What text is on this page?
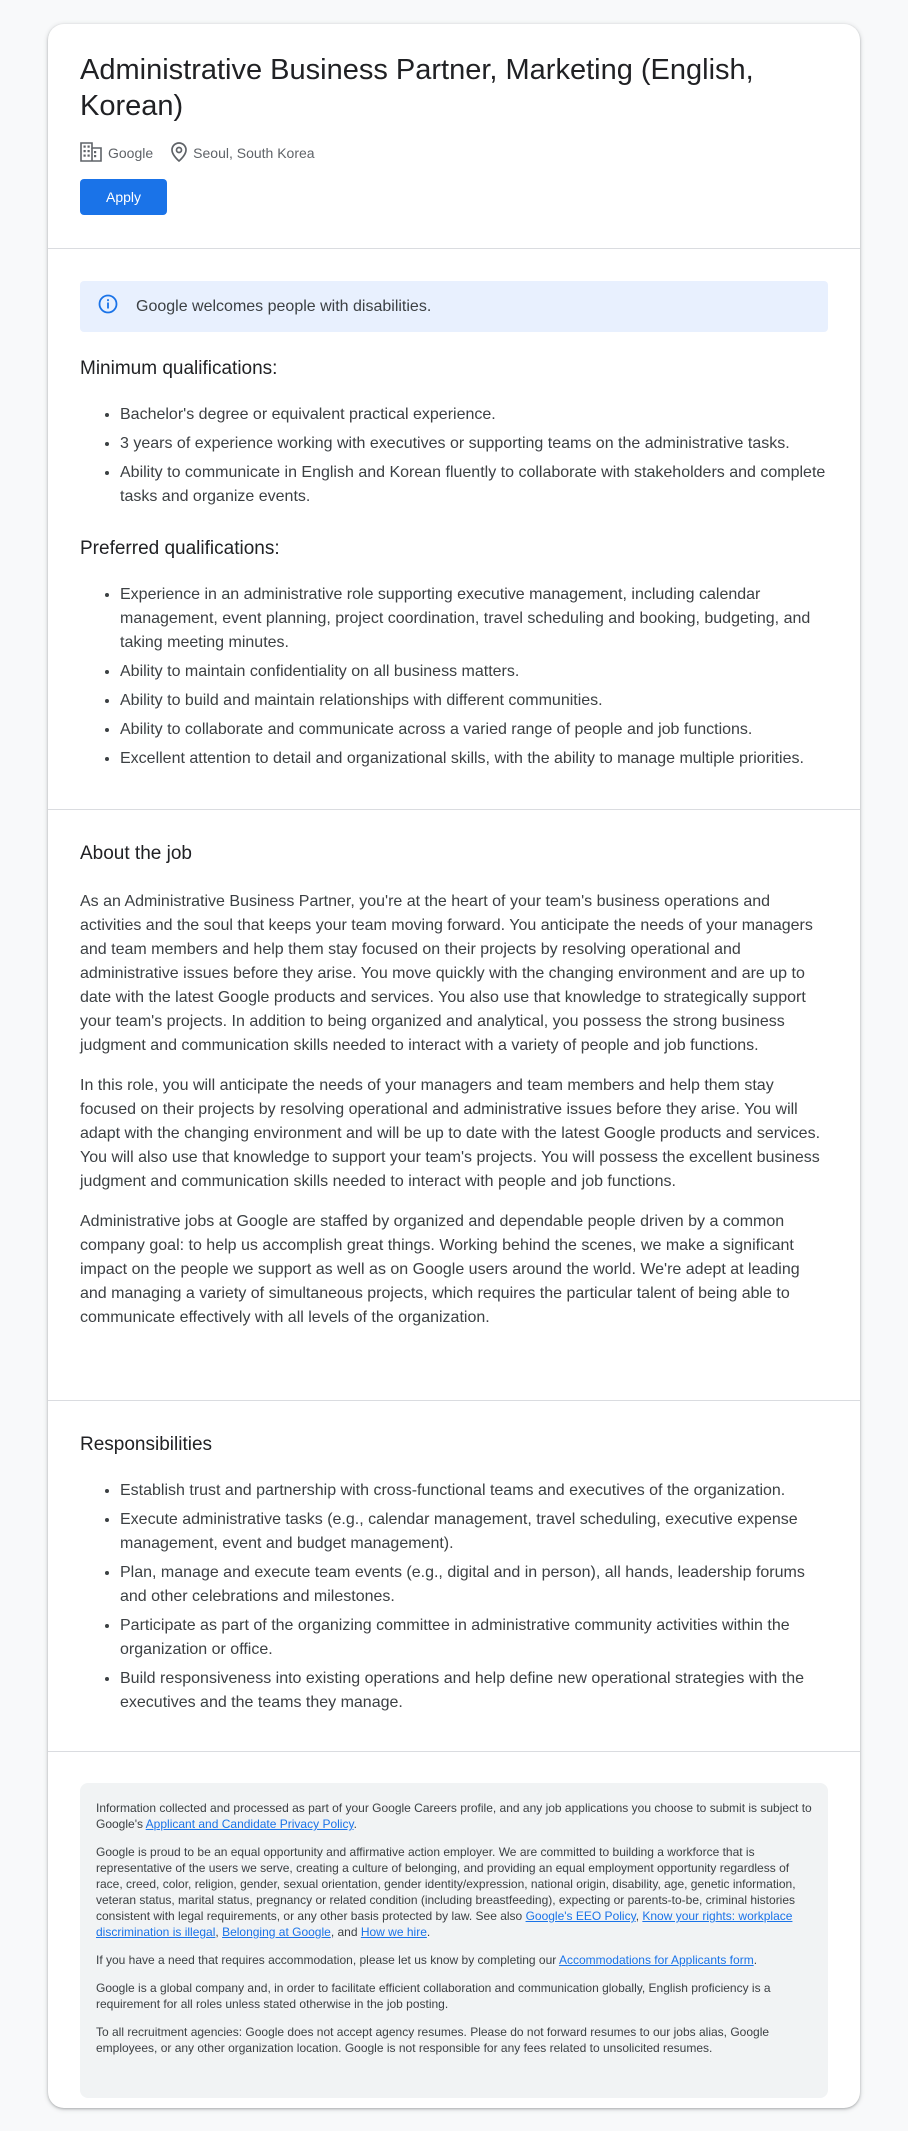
Administrative Business Partner, Marketing (English, Korean)
Google	Seoul, South Korea
Apply
Google welcomes people with disabilities.
Minimum qualifications:
• Bachelor's degree or equivalent practical experience.
• 3 years of experience working with executives or supporting teams on the administrative tasks.
• Ability to communicate in English and Korean fluently to collaborate with stakeholders and complete tasks and organize events.
Preferred qualifications:
• Experience in an administrative role supporting executive management, including calendar management, event planning, project coordination, travel scheduling and booking, budgeting, and taking meeting minutes.
• Ability to maintain confidentiality on all business matters.
• Ability to build and maintain relationships with different communities.
• Ability to collaborate and communicate across a varied range of people and job functions.
• Excellent attention to detail and organizational skills, with the ability to manage multiple priorities.
About the job

As an Administrative Business Partner, you're at the heart of your team's business operations and activities and the soul that keeps your team moving forward. You anticipate the needs of your managers and team members and help them stay focused on their projects by resolving operational and administrative issues before they arise. You move quickly with the changing environment and are up to date with the latest Google products and services. You also use that knowledge to strategically support your team's projects. In addition to being organized and analytical, you possess the strong business judgment and communication skills needed to interact with a variety of people and job functions.

In this role, you will anticipate the needs of your managers and team members and help them stay focused on their projects by resolving operational and administrative issues before they arise. You will adapt with the changing environment and will be up to date with the latest Google products and services. You will also use that knowledge to support your team's projects. You will possess the excellent business judgment and communication skills needed to interact with people and job functions.

Administrative jobs at Google are staffed by organized and dependable people driven by a common company goal: to help us accomplish great things. Working behind the scenes, we make a significant impact on the people we support as well as on Google users around the world. We're adept at leading and managing a variety of simultaneous projects, which requires the particular talent of being able to communicate effectively with all levels of the organization.

Responsibilities
• Establish trust and partnership with cross-functional teams and executives of the organization.
• Execute administrative tasks (e.g., calendar management, travel scheduling, executive expense management, event and budget management).
• Plan, manage and execute team events (e.g., digital and in person), all hands, leadership forums and other celebrations and milestones.
• Participate as part of the organizing committee in administrative community activities within the organization or office.
• Build responsiveness into existing operations and help define new operational strategies with the executives and the teams they manage.

Information collected and processed as part of your Google Careers profile, and any job applications you choose to submit is subject to Google's Applicant and Candidate Privacy Policy.

Google is proud to be an equal opportunity and affirmative action employer. We are committed to building a workforce that is representative of the users we serve, creating a culture of belonging, and providing an equal employment opportunity regardless of race, creed, color, religion, gender, sexual orientation, gender identity/expression, national origin, disability, age, genetic information, veteran status, marital status, pregnancy or related condition (including breastfeeding), expecting or parents-to-be, criminal histories consistent with legal requirements, or any other basis protected by law. See also Google's EEO Policy, Know your rights: workplace discrimination is illegal, Belonging at Google, and How we hire.

If you have a need that requires accommodation, please let us know by completing our Accommodations for Applicants form.

Google is a global company and, in order to facilitate efficient collaboration and communication globally, English proficiency is a requirement for all roles unless stated otherwise in the job posting.

To all recruitment agencies: Google does not accept agency resumes. Please do not forward resumes to our jobs alias, Google employees, or any other organization location. Google is not responsible for any fees related to unsolicited resumes.
